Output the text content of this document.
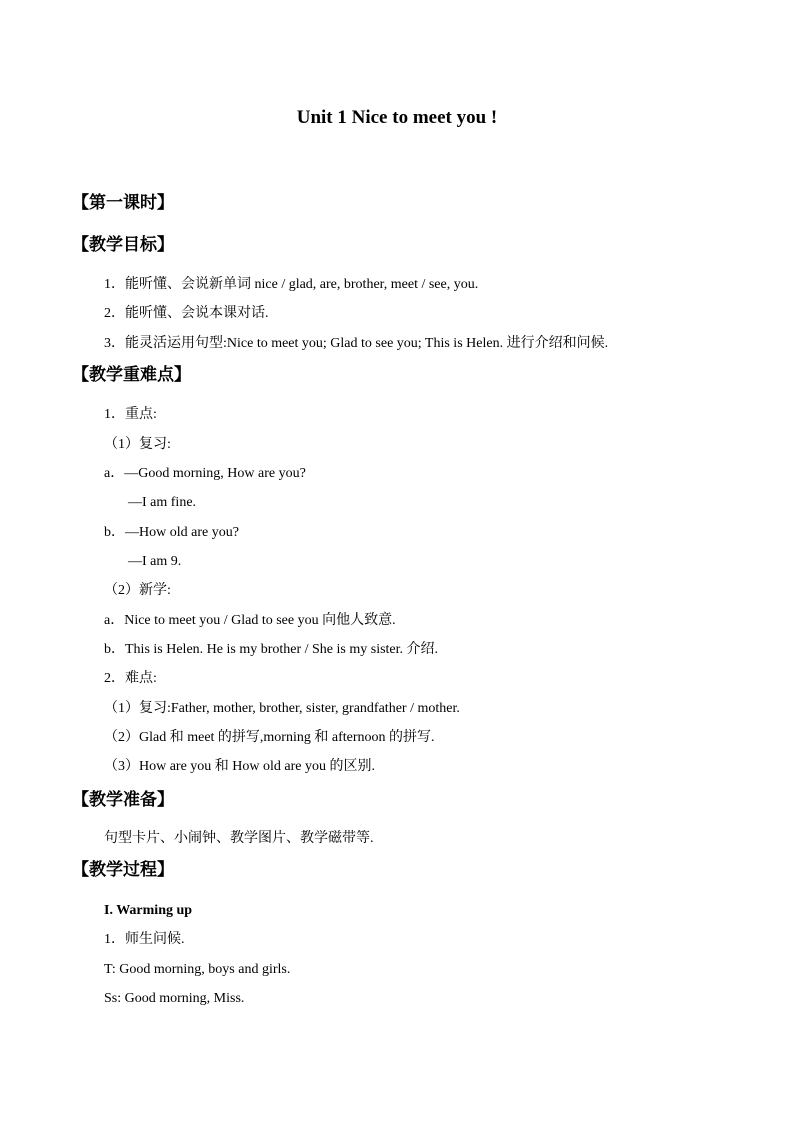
Unit 1 Nice to meet you !
【第一课时】
【教学目标】
1．能听懂、会说新单词 nice / glad, are, brother, meet / see, you.
2．能听懂、会说本课对话.
3．能灵活运用句型:Nice to meet you; Glad to see you; This is Helen. 进行介绍和问候.
【教学重难点】
1．重点:
（1）复习:
a．—Good morning, How are you?
—I am fine.
b．—How old are you?
—I am 9.
（2）新学:
a．Nice to meet you / Glad to see you 向他人致意.
b．This is Helen. He is my brother / She is my sister. 介绍.
2．难点:
（1）复习:Father, mother, brother, sister, grandfather / mother.
（2）Glad 和 meet 的拼写,morning 和 afternoon 的拼写.
（3）How are you 和 How old are you 的区别.
【教学准备】
句型卡片、小闹钟、教学图片、教学磁带等.
【教学过程】
I. Warming up
1．师生问候.
T: Good morning, boys and girls.
Ss: Good morning, Miss.
